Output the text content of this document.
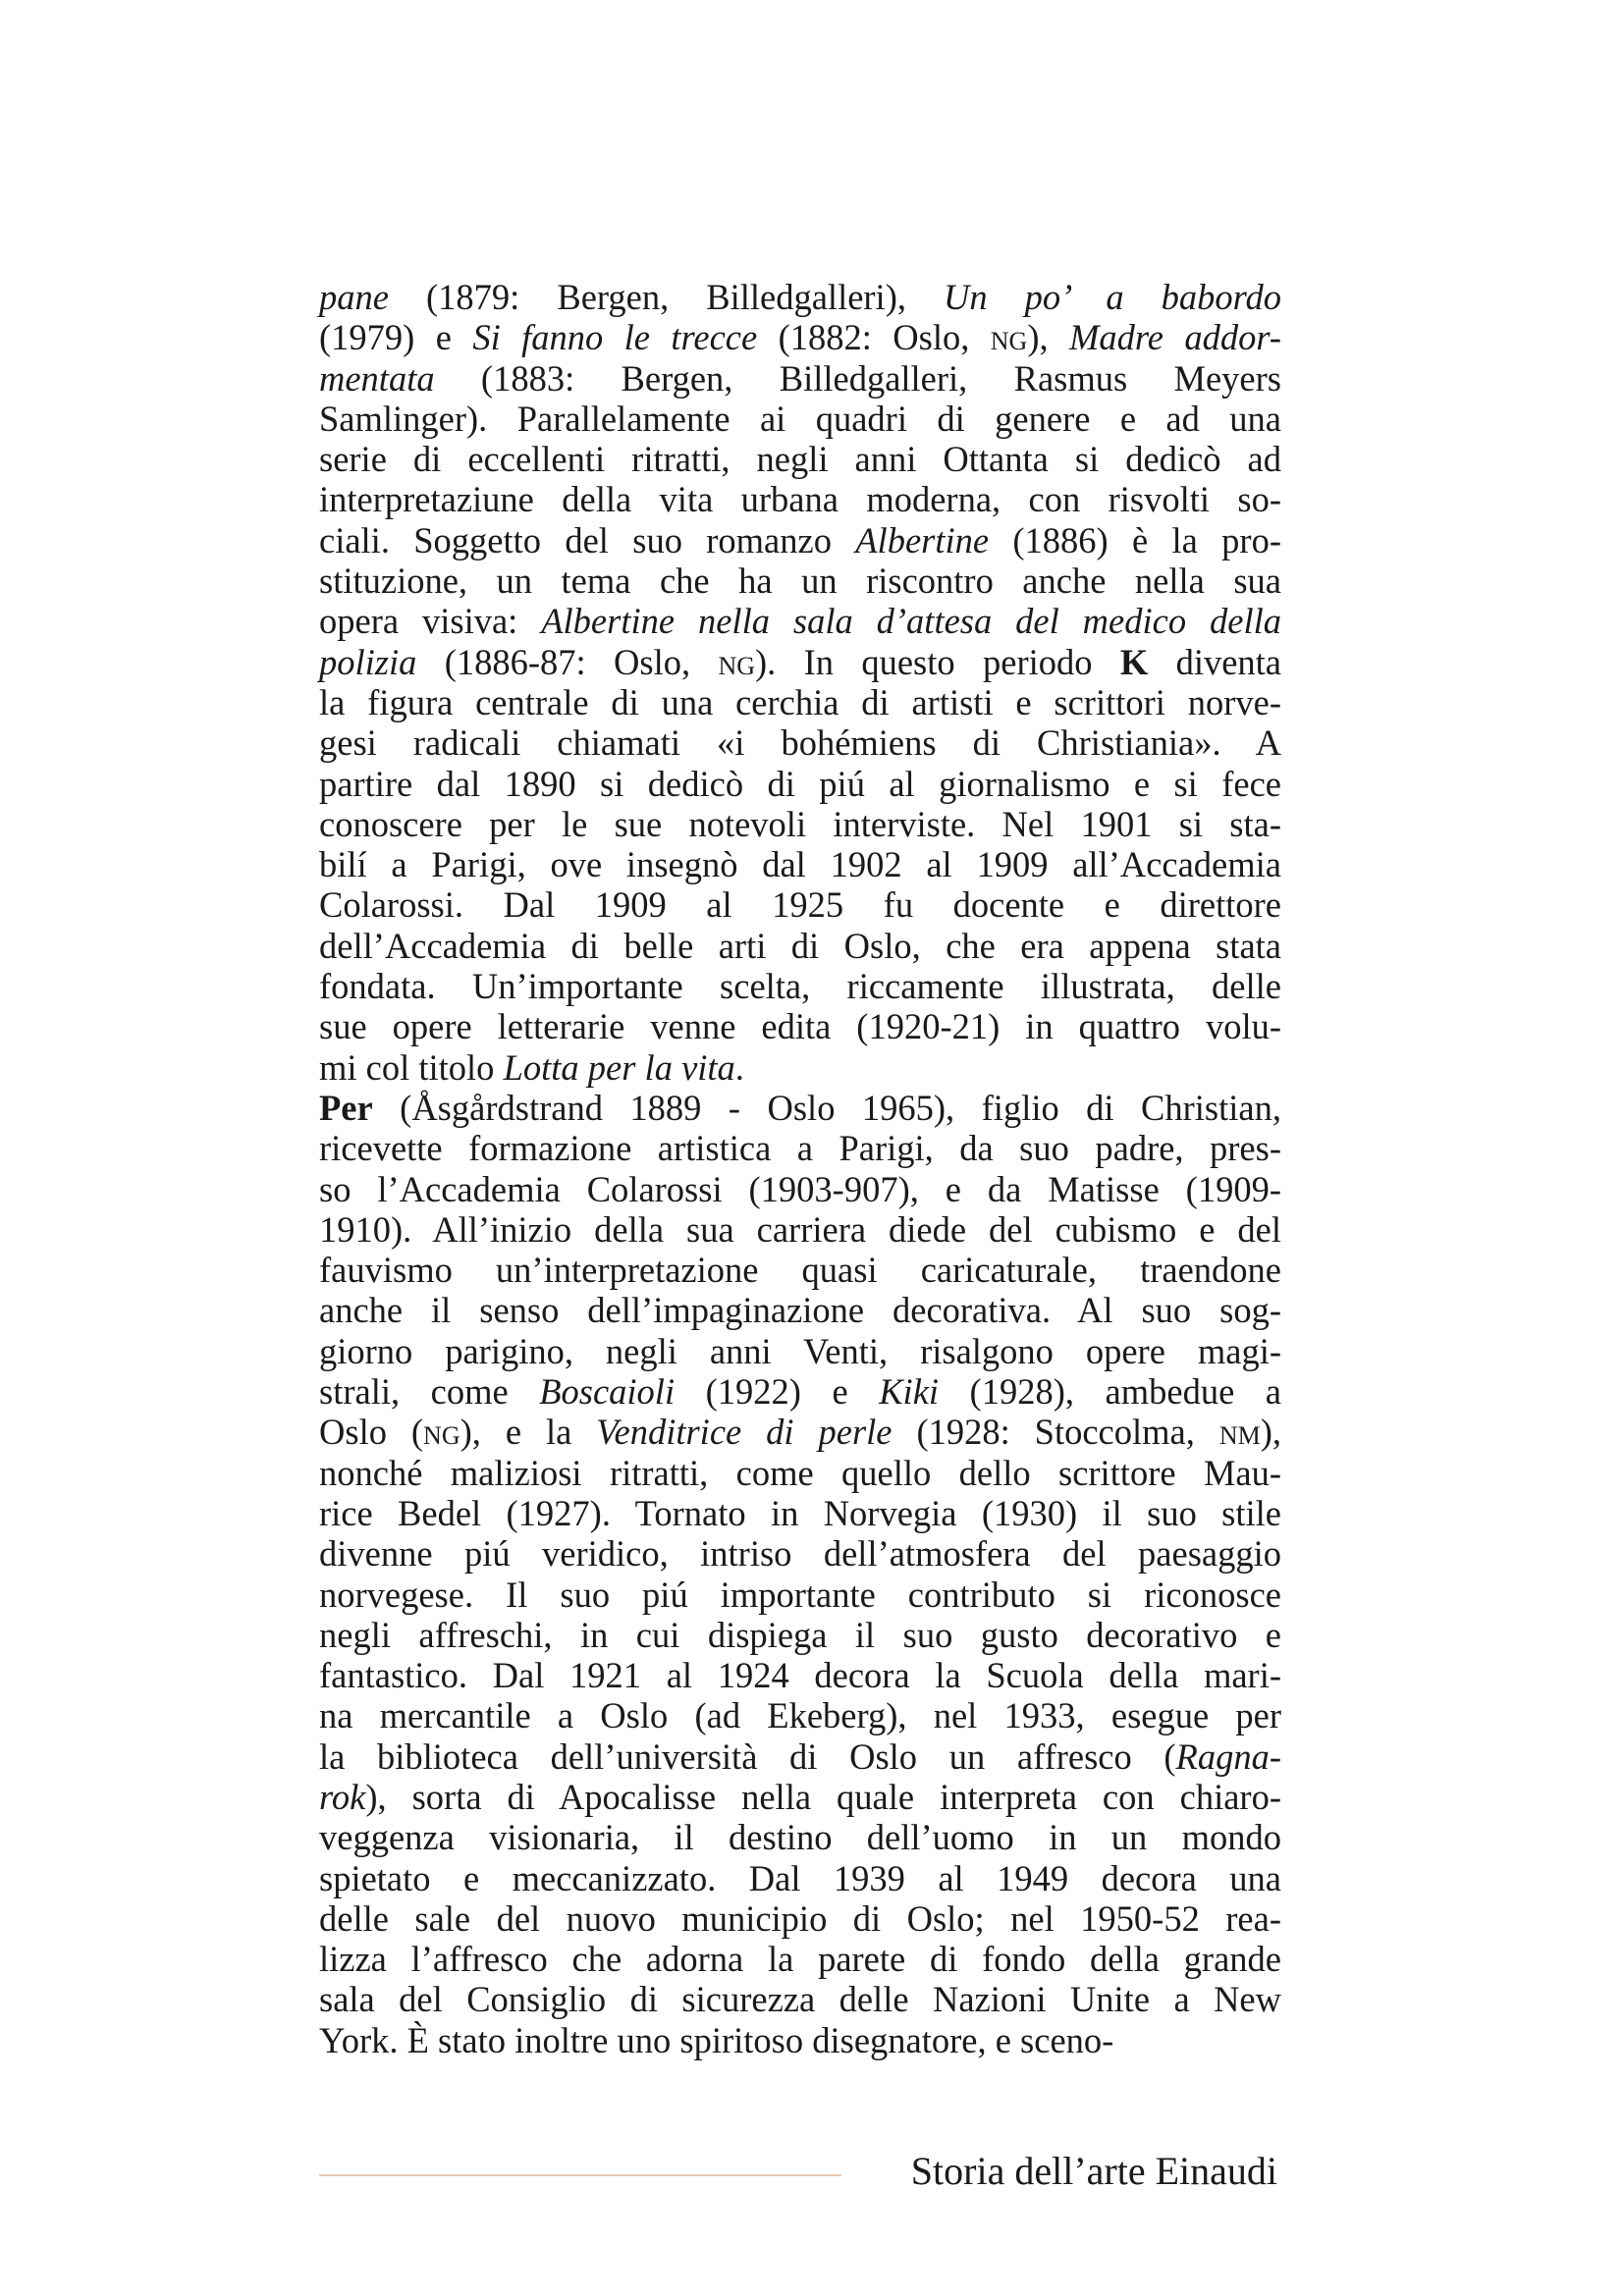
pane (1879: Bergen, Billedgalleri), Un po’ a babordo
(1979) e Si fanno le trecce (1882: Oslo, ng), Madre addor-
mentata (1883: Bergen, Billedgalleri, Rasmus Meyers
Samlinger). Parallelamente ai quadri di genere e ad una
serie di eccellenti ritratti, negli anni Ottanta si dedicò ad
interpretaziune della vita urbana moderna, con risvolti so-
ciali. Soggetto del suo romanzo Albertine (1886) è la pro-
stituzione, un tema che ha un riscontro anche nella sua
opera visiva: Albertine nella sala d’attesa del medico della
polizia (1886-87: Oslo, ng). In questo periodo K diventa
la figura centrale di una cerchia di artisti e scrittori norve-
gesi radicali chiamati «i bohémiens di Christiania». A
partire dal 1890 si dedicò di piú al giornalismo e si fece
conoscere per le sue notevoli interviste. Nel 1901 si sta-
bilí a Parigi, ove insegnò dal 1902 al 1909 all’Accademia
Colarossi. Dal 1909 al 1925 fu docente e direttore
dell’Accademia di belle arti di Oslo, che era appena stata
fondata. Un’importante scelta, riccamente illustrata, delle
sue opere letterarie venne edita (1920-21) in quattro volu-
mi col titolo Lotta per la vita.
Per (Åsgårdstrand 1889 - Oslo 1965), figlio di Christian,
ricevette formazione artistica a Parigi, da suo padre, pres-
so l’Accademia Colarossi (1903-907), e da Matisse (1909-
1910). All’inizio della sua carriera diede del cubismo e del
fauvismo un’interpretazione quasi caricaturale, traendone
anche il senso dell’impaginazione decorativa. Al suo sog-
giorno parigino, negli anni Venti, risalgono opere magi-
strali, come Boscaioli (1922) e Kiki (1928), ambedue a
Oslo (ng), e la Venditrice di perle (1928: Stoccolma, nm),
nonché maliziosi ritratti, come quello dello scrittore Mau-
rice Bedel (1927). Tornato in Norvegia (1930) il suo stile
divenne piú veridico, intriso dell’atmosfera del paesaggio
norvegese. Il suo piú importante contributo si riconosce
negli affreschi, in cui dispiega il suo gusto decorativo e
fantastico. Dal 1921 al 1924 decora la Scuola della mari-
na mercantile a Oslo (ad Ekeberg), nel 1933, esegue per
la biblioteca dell’università di Oslo un affresco (Ragna-
rok), sorta di Apocalisse nella quale interpreta con chiaro-
veggenza visionaria, il destino dell’uomo in un mondo
spietato e meccanizzato. Dal 1939 al 1949 decora una
delle sale del nuovo municipio di Oslo; nel 1950-52 rea-
lizza l’affresco che adorna la parete di fondo della grande
sala del Consiglio di sicurezza delle Nazioni Unite a New
York. È stato inoltre uno spiritoso disegnatore, e sceno-
Storia dell’arte Einaudi
